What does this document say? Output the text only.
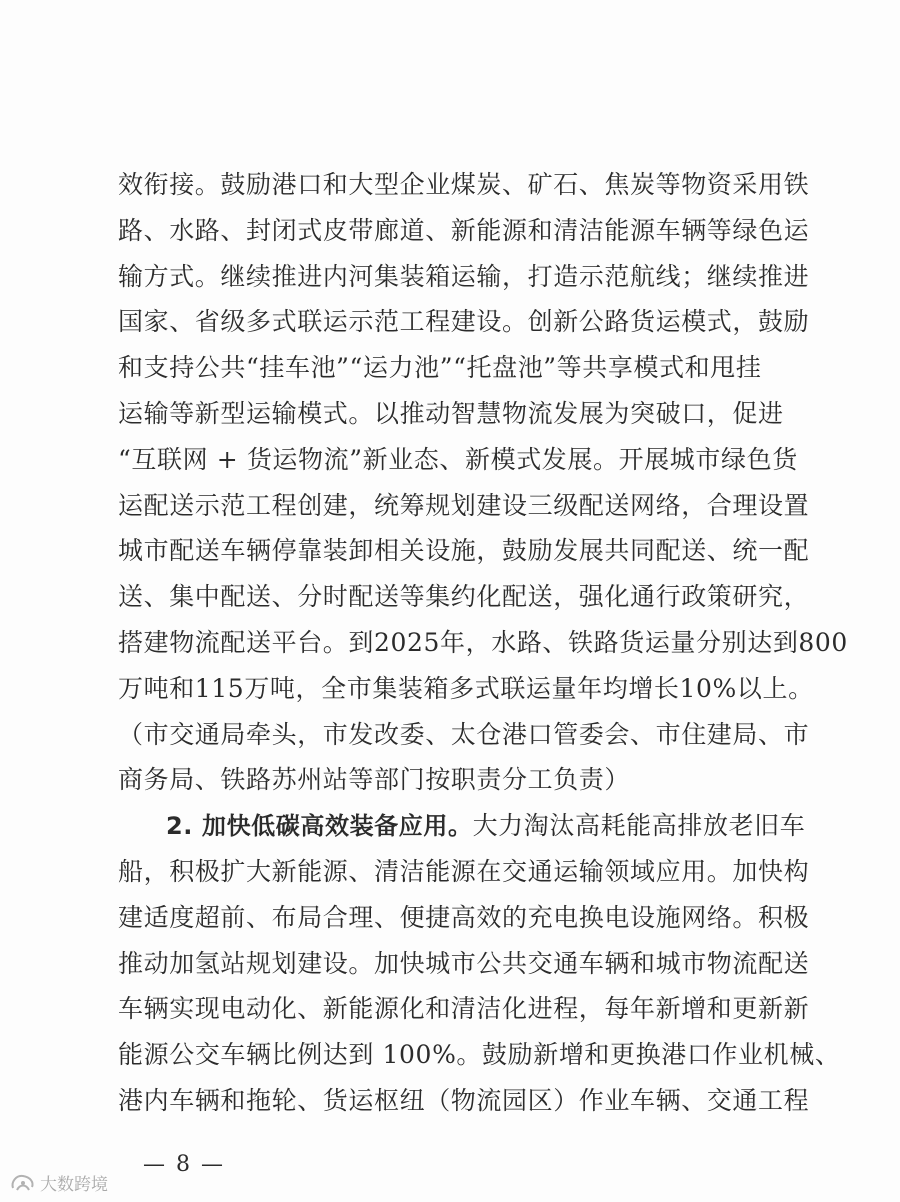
效衔接。鼓励港口和大型企业煤炭、矿石、焦炭等物资采用铁
路、水路、封闭式皮带廊道、新能源和清洁能源车辆等绿色运
输方式。继续推进内河集装箱运输，打造示范航线；继续推进
国家、省级多式联运示范工程建设。创新公路货运模式，鼓励
和支持公共“挂车池”“运力池”“托盘池”等共享模式和甩挂
运输等新型运输模式。以推动智慧物流发展为突破口，促进
“互联网 + 货运物流”新业态、新模式发展。开展城市绿色货
运配送示范工程创建，统筹规划建设三级配送网络，合理设置
城市配送车辆停靠装卸相关设施，鼓励发展共同配送、统一配
送、集中配送、分时配送等集约化配送，强化通行政策研究，
搭建物流配送平台。到2025年，水路、铁路货运量分别达到800
万吨和115万吨，全市集装箱多式联运量年均增长10%以上。
（市交通局牵头，市发改委、太仓港口管委会、市住建局、市
商务局、铁路苏州站等部门按职责分工负责）
2. 加快低碳高效装备应用。大力淘汰高耗能高排放老旧车
船，积极扩大新能源、清洁能源在交通运输领域应用。加快构
建适度超前、布局合理、便捷高效的充电换电设施网络。积极
推动加氢站规划建设。加快城市公共交通车辆和城市物流配送
车辆实现电动化、新能源化和清洁化进程，每年新增和更新新
能源公交车辆比例达到 100%。鼓励新增和更换港口作业机械、
港内车辆和拖轮、货运枢纽（物流园区）作业车辆、交通工程
— 8 —
大数跨境
